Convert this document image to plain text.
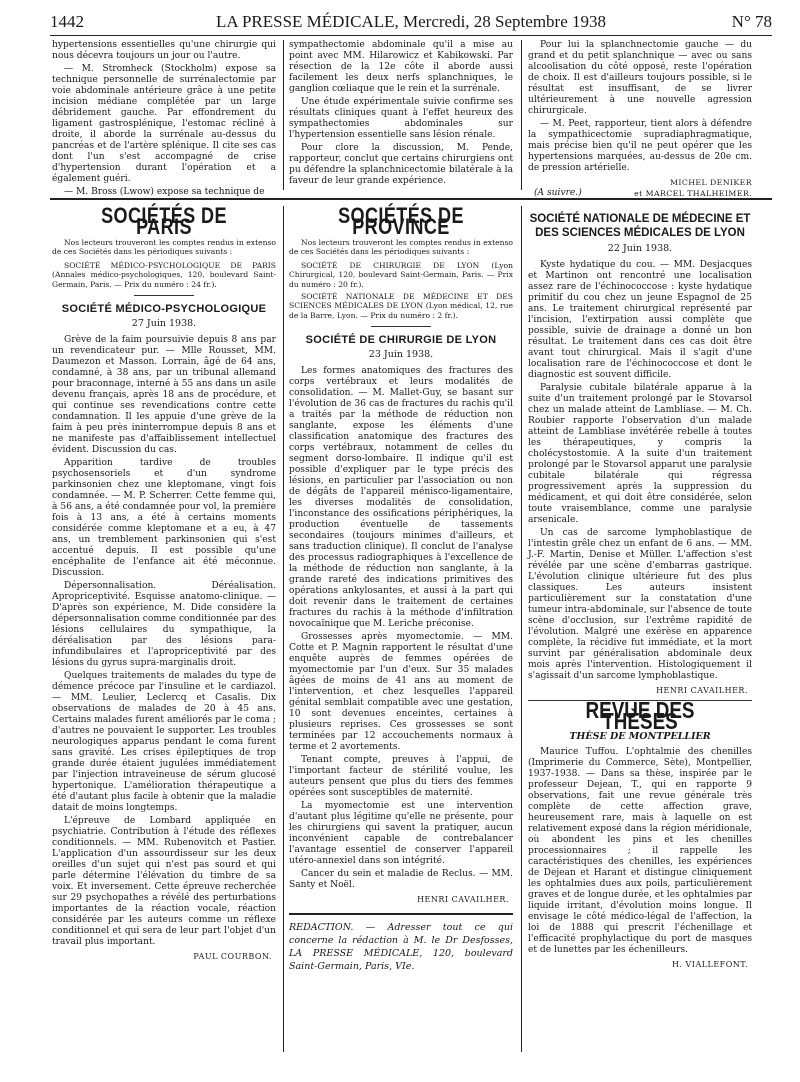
1442	LA PRESSE MÉDICALE, Mercredi, 28 Septembre 1938	N° 78

hypertensions essentielles qu'une chirurgie qui nous décevra toujours un jour ou l'autre.

— M. Stromheck (Stockholm) expose sa technique personnelle de surrénalectomie par voie abdominale antérieure grâce à une petite incision médiane complétée par un large débridement gauche. Par effondrement du ligament gastrosplénique, l'estomac récliné à droite, il aborde la surrénale au-dessus du pancréas et de l'artère splénique. Il cite ses cas dont l'un s'est accompagné de crise d'hypertension durant l'opération et a également guéri.

— M. Bross (Lwow) expose sa technique de

sympathectomie abdominale qu'il a mise au point avec MM. Hilarowicz et Kabikowski. Par résection de la 12e côte il aborde aussi facilement les deux nerfs splanchniques, le ganglion cœliaque que le rein et la surrénale.

Une étude expérimentale suivie confirme ses résultats cliniques quant à l'effet heureux des sympathectomies abdominales sur l'hypertension essentielle sans lésion rénale.

Pour clore la discussion, M. Pende, rapporteur, conclut que certains chirurgiens ont pu défendre la splanchnicectomie bilatérale à la faveur de leur grande expérience.

Pour lui la splanchnectomie gauche — du grand et du petit splanchnique — avec ou sans alcoolisation du côté opposé, reste l'opération de choix. Il est d'ailleurs toujours possible, si le résultat est insuffisant, de se livrer ultérieurement à une nouvelle agression chirurgicale.

— M. Peet, rapporteur, tient alors à défendre la sympathicectomie supradiaphragmatique, mais précise bien qu'il ne peut opérer que les hypertensions marquées, au-dessus de 20e cm. de pression artérielle.

MICHEL DENIKER
(A suivre.)	et MARCEL THALHEIMER.
SOCIÉTÉS DE PARIS

Nos lecteurs trouveront les comptes rendus in extenso de ces Sociétés dans les périodiques suivants :

SOCIÉTÉ MÉDICO-PSYCHOLOGIQUE DE PARIS (Annales médico-psychologiques, 120, boulevard Saint-Germain, Paris. — Prix du numéro : 24 fr.).

SOCIÉTÉ MÉDICO-PSYCHOLOGIQUE
27 Juin 1938.

Grève de la faim poursuivie depuis 8 ans par un revendicateur pur. — Mlle Rousset, MM. Daumezon et Masson. Lorrain, âgé de 64 ans, condamné, à 38 ans, par un tribunal allemand pour braconnage, interné à 55 ans dans un asile devenu français, après 18 ans de procédure, et qui continue ses revendications contre cette condamnation. Il les appuie d'une grève de la faim à peu près ininterrompue depuis 8 ans et ne manifeste pas d'affaiblissement intellectuel évident. Discussion du cas.

Apparition tardive de troubles psychosensoriels et d'un syndrome parkinsonien chez une kleptomane, vingt fois condamnée. — M. P. Scherrer. Cette femme qui, à 56 ans, a été condamnée pour vol, la première fois à 13 ans, a été à certains moments considérée comme kleptomane et a eu, à 47 ans, un tremblement parkinsonien qui s'est accentué depuis. Il est possible qu'une encéphalite de l'enfance ait été méconnue. Discussion.

Dépersonnalisation. Déréalisation. Apropriceptivité. Esquisse anatomo-clinique. — D'après son expérience, M. Dide considère la dépersonnalisation comme conditionnée par des lésions cellulaires du sympathique, la déréalisation par des lésions para-infundibulaires et l'apropriceptivité par des lésions du gyrus supra-marginalis droit.

Quelques traitements de malades du type de démence précoce par l'insuline et le cardiazol. — MM. Leulier, Leclercq et Casalis. Dix observations de malades de 20 à 45 ans. Certains malades furent améliorés par le coma ; d'autres ne pouvaient le supporter. Les troubles neurologiques apparus pendant le coma furent sans gravité. Les crises épileptiques de trop grande durée étaient jugulées immédiatement par l'injection intraveineuse de sérum glucosé hypertonique. L'amélioration thérapeutique a été d'autant plus facile à obtenir que la maladie datait de moins longtemps.

L'épreuve de Lombard appliquée en psychiatrie. Contribution à l'étude des réflexes conditionnels. — MM. Rubenovitch et Pastier. L'application d'un assourdisseur sur les deux oreilles d'un sujet qui n'est pas sourd et qui parle détermine l'élévation du timbre de sa voix. Et inversement. Cette épreuve recherchée sur 29 psychopathes a révélé des perturbations importantes de la réaction vocale, réaction considérée par les auteurs comme un réflexe conditionnel et qui sera de leur part l'objet d'un travail plus important.

PAUL COURBON.
SOCIÉTÉS DE PROVINCE

Nos lecteurs trouveront les comptes rendus in extenso de ces Sociétés dans les périodiques suivants :

SOCIÉTÉ DE CHIRURGIE DE LYON (Lyon Chirurgical, 120, boulevard Saint-Germain, Paris. — Prix du numéro : 20 fr.).

SOCIÉTÉ NATIONALE DE MÉDECINE ET DES SCIENCES MÉDICALES DE LYON (Lyon médical, 12, rue de la Barre, Lyon. — Prix du numéro : 2 fr.).

SOCIÉTÉ DE CHIRURGIE DE LYON
23 Juin 1938.

Les formes anatomiques des fractures des corps vertébraux et leurs modalités de consolidation. — M. Mallet-Guy, se basant sur l'évolution de 36 cas de fractures du rachis qu'il a traités par la méthode de réduction non sanglante, expose les éléments d'une classification anatomique des fractures des corps vertébraux, notamment de celles du segment dorso-lombaire. Il indique qu'il est possible d'expliquer par le type précis des lésions, en particulier par l'association ou non de dégâts de l'appareil ménisco-ligamentaire, les diverses modalités de consolidation, l'inconstance des ossifications périphériques, la production éventuelle de tassements secondaires (toujours minimes d'ailleurs, et sans traduction clinique). Il conclut de l'analyse des processus radiographiques à l'excellence de la méthode de réduction non sanglante, à la grande rareté des indications primitives des opérations ankylosantes, et aussi à la part qui doit revenir dans le traitement de certaines fractures du rachis à la méthode d'infiltration novocaïnique que M. Leriche préconise.

Grossesses après myomectomie. — MM. Cotte et P. Magnin rapportent le résultat d'une enquête auprès de femmes opérées de myomectomie par l'un d'eux. Sur 35 malades âgées de moins de 41 ans au moment de l'intervention, et chez lesquelles l'appareil génital semblait compatible avec une gestation, 10 sont devenues enceintes, certaines à plusieurs reprises. Ces grossesses se sont terminées par 12 accouchements normaux à terme et 2 avortements.

Tenant compte, preuves à l'appui, de l'important facteur de stérilité voulue, les auteurs pensent que plus du tiers des femmes opérées sont susceptibles de maternité.

La myomectomie est une intervention d'autant plus légitime qu'elle ne présente, pour les chirurgiens qui savent la pratiquer, aucun inconvénient capable de contrebalancer l'avantage essentiel de conserver l'appareil utéro-annexiel dans son intégrité.

Cancer du sein et maladie de Reclus. — MM. Santy et Noël.

HENRI CAVAILHER.

REDACTION. — Adresser tout ce qui concerne la rédaction à M. le Dr Desfosses, LA PRESSE MÉDICALE, 120, boulevard Saint-Germain, Paris, VIe.

SOCIÉTÉ NATIONALE DE MÉDECINE ET DES SCIENCES MÉDICALES DE LYON
22 Juin 1938.

Kyste hydatique du cou. — MM. Desjacques et Martinon ont rencontré une localisation assez rare de l'échinococcose : kyste hydatique primitif du cou chez un jeune Espagnol de 25 ans. Le traitement chirurgical représenté par l'incision, l'extirpation aussi complète que possible, suivie de drainage a donné un bon résultat. Le traitement dans ces cas doit être avant tout chirurgical. Mais il s'agit d'une localisation rare de l'échinococcose et dont le diagnostic est souvent difficile.

Paralysie cubitale bilatérale apparue à la suite d'un traitement prolongé par le Stovarsol chez un malade atteint de Lambliase. — M. Ch. Roubier rapporte l'observation d'un malade atteint de Lambliase invétérée rebelle à toutes les thérapeutiques, y compris la cholécystostomie. A la suite d'un traitement prolongé par le Stovarsol apparut une paralysie cubitale bilatérale qui régressa progressivement après la suppression du médicament, et qui doit être considérée, selon toute vraisemblance, comme une paralysie arsenicale.

Un cas de sarcome lymphoblastique de l'intestin grêle chez un enfant de 6 ans. — MM. J.-F. Martin, Denise et Müller. L'affection s'est révélée par une scène d'embarras gastrique. L'évolution clinique ultérieure fut des plus classiques. Les auteurs insistent particulièrement sur la constatation d'une tumeur intra-abdominale, sur l'absence de toute scène d'occlusion, sur l'extrême rapidité de l'évolution. Malgré une exérèse en apparence complète, la récidive fut immédiate, et la mort survint par généralisation abdominale deux mois après l'intervention. Histologiquement il s'agissait d'un sarcome lymphoblastique.

HENRI CAVAILHER.
REVUE DES THÈSES
THÈSE DE MONTPELLIER

Maurice Tuffou. L'ophtalmie des chenilles (Imprimerie du Commerce, Sète), Montpellier, 1937-1938. — Dans sa thèse, inspirée par le professeur Dejean, T., qui en rapporte 9 observations, fait une revue générale très complète de cette affection grave, heureusement rare, mais à laquelle on est relativement exposé dans la région méridionale, où abondent les pins et les chenilles processionnaires ; il rappelle les caractéristiques des chenilles, les expériences de Dejean et Harant et distingue cliniquement les ophtalmies dues aux poils, particulièrement graves et de longue durée, et les ophtalmies par liquide irritant, d'évolution moins longue. Il envisage le côté médico-légal de l'affection, la loi de 1888 qui prescrit l'échenillage et l'efficacité prophylactique du port de masques et de lunettes par les échenilleurs.

H. VIALLEFONT.
